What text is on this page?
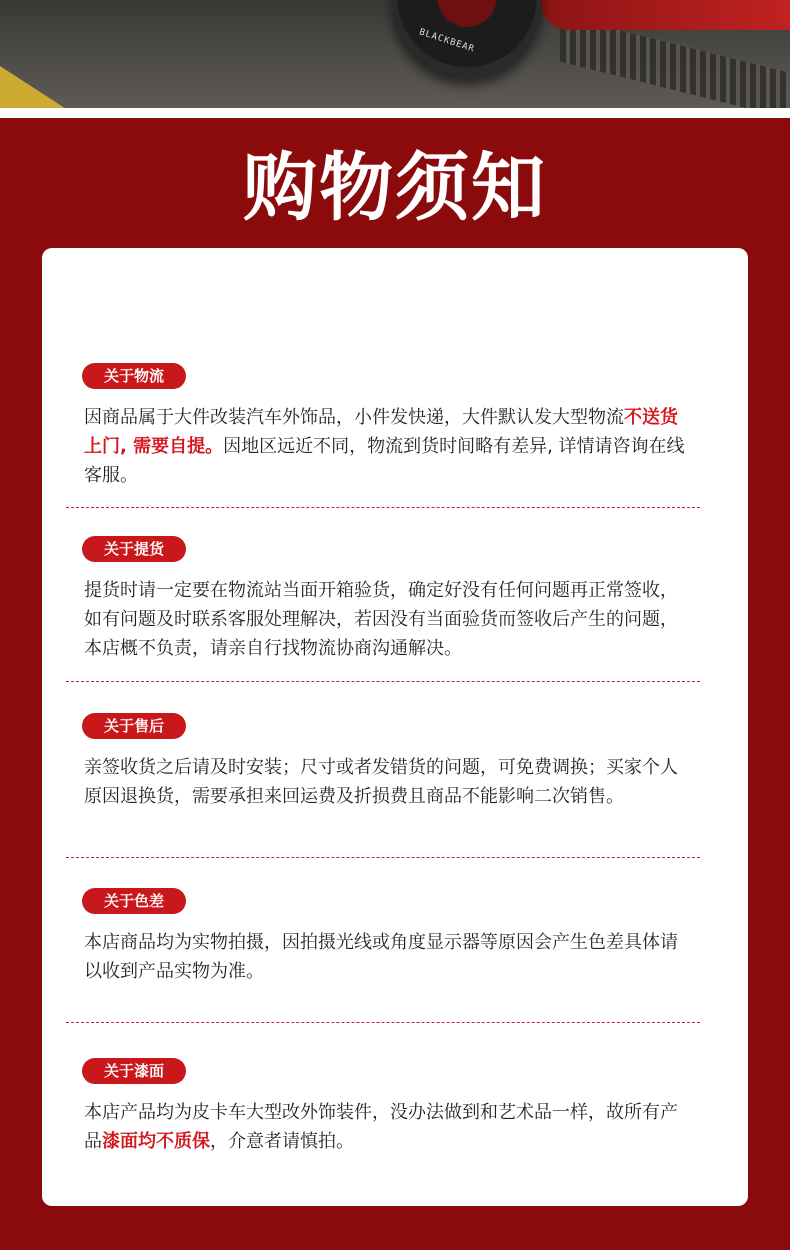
BLACKBEAR
购物须知
关于物流

因商品属于大件改装汽车外饰品，小件发快递，大件默认发大型物流不送货上门, 需要自提。因地区远近不同，物流到货时间略有差异, 详情请咨询在线客服。

关于提货

提货时请一定要在物流站当面开箱验货，确定好没有任何问题再正常签收，如有问题及时联系客服处理解决，若因没有当面验货而签收后产生的问题，本店概不负责，请亲自行找物流协商沟通解决。

关于售后

亲签收货之后请及时安装；尺寸或者发错货的问题，可免费调换；买家个人原因退换货，需要承担来回运费及折损费且商品不能影响二次销售。

关于色差

本店商品均为实物拍摄，因拍摄光线或角度显示器等原因会产生色差具体请以收到产品实物为准。

关于漆面

本店产品均为皮卡车大型改外饰装件，没办法做到和艺术品一样，故所有产品漆面均不质保，介意者请慎拍。
